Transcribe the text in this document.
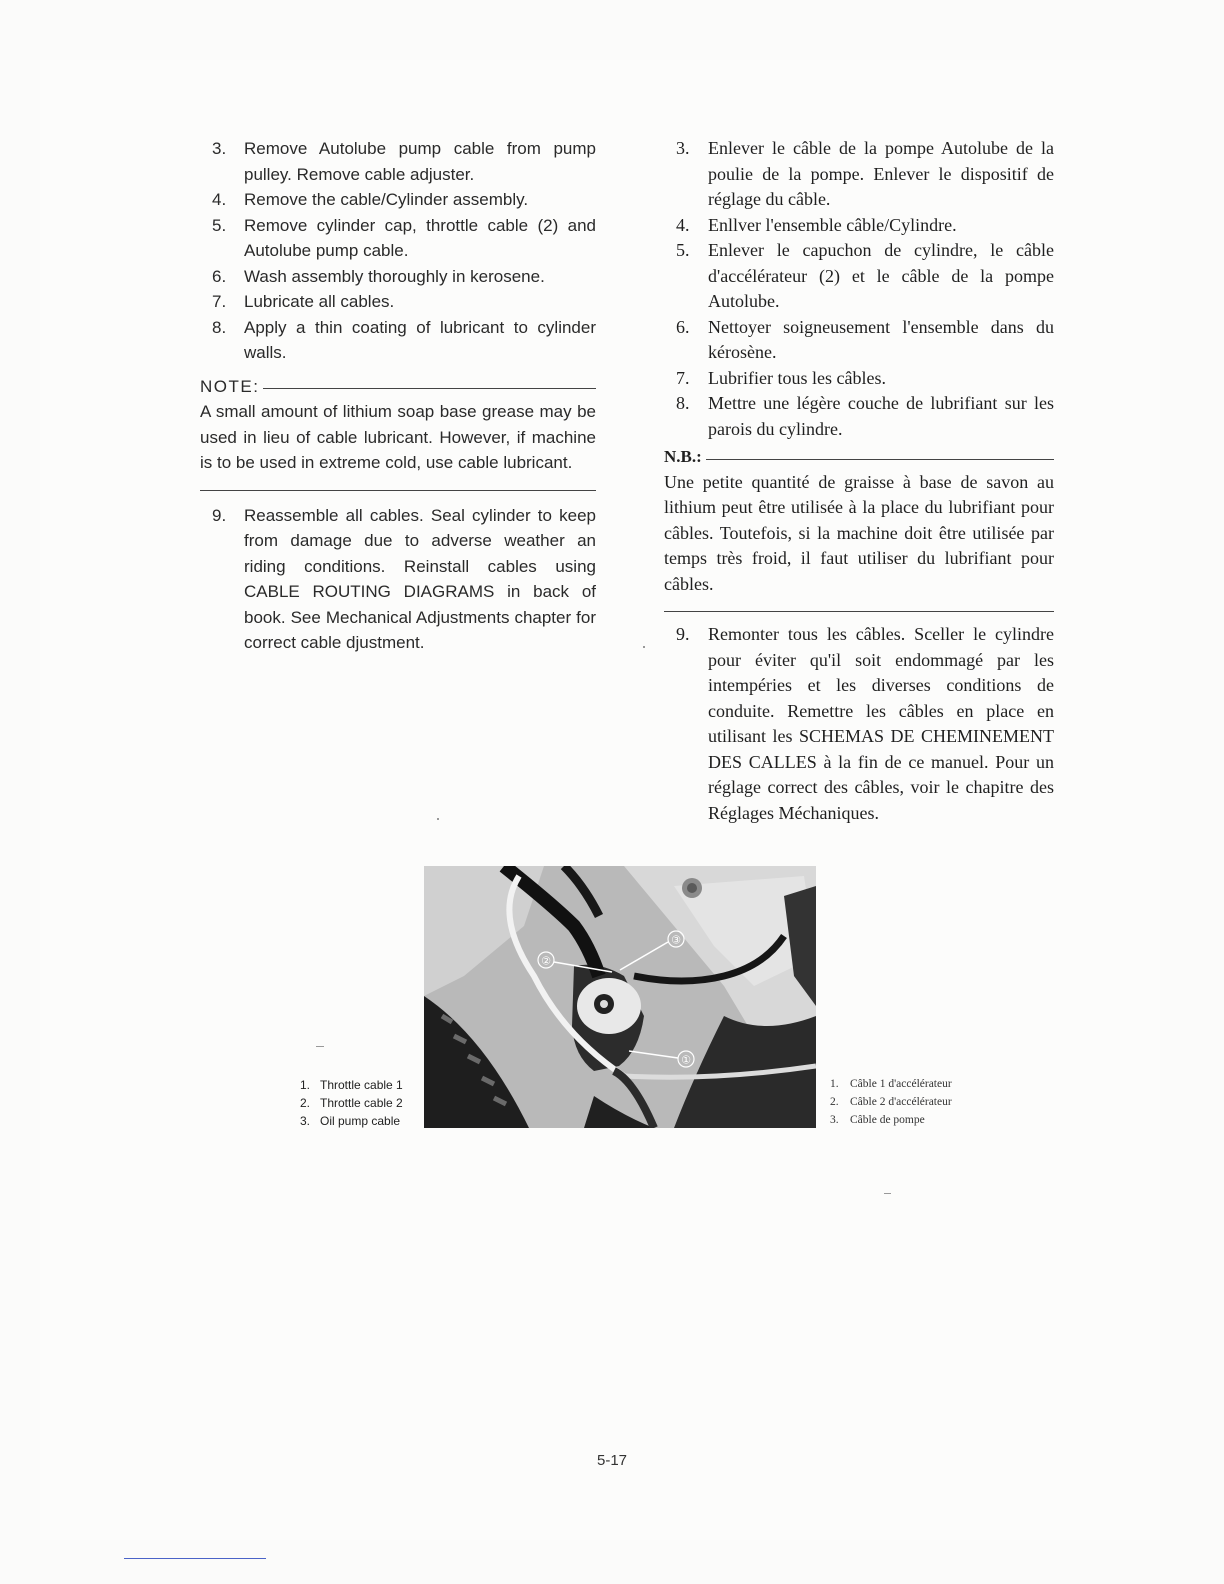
3. Remove Autolube pump cable from pump pulley. Remove cable adjuster.
4. Remove the cable/Cylinder assembly.
5. Remove cylinder cap, throttle cable (2) and Autolube pump cable.
6. Wash assembly thoroughly in kerosene.
7. Lubricate all cables.
8. Apply a thin coating of lubricant to cylinder walls.
NOTE:
A small amount of lithium soap base grease may be used in lieu of cable lubricant. However, if machine is to be used in extreme cold, use cable lubricant.
9. Reassemble all cables. Seal cylinder to keep from damage due to adverse weather an riding conditions. Reinstall cables using CABLE ROUTING DIAGRAMS in back of book. See Mechanical Adjustments chapter for correct cable djustment.
3. Enlever le câble de la pompe Autolube de la poulie de la pompe. Enlever le dispositif de réglage du câble.
4. Enllver l'ensemble câble/Cylindre.
5. Enlever le capuchon de cylindre, le câble d'accélérateur (2) et le câble de la pompe Autolube.
6. Nettoyer soigneusement l'ensemble dans du kérosène.
7. Lubrifier tous les câbles.
8. Mettre une légère couche de lubrifiant sur les parois du cylindre.
N.B.:
Une petite quantité de graisse à base de savon au lithium peut être utilisée à la place du lubrifiant pour câbles. Toutefois, si la machine doit être utilisée par temps très froid, il faut utiliser du lubrifiant pour câbles.
9. Remonter tous les câbles. Sceller le cylindre pour éviter qu'il soit endommagé par les intempéries et les diverses conditions de conduite. Remettre les câbles en place en utilisant les SCHEMAS DE CHEMINEMENT DES CALLES à la fin de ce manuel. Pour un réglage correct des câbles, voir le chapitre des Réglages Méchaniques.
①
②
③
1. Throttle cable 1
2. Throttle cable 2
3. Oil pump cable
1. Câble 1 d'accélérateur
2. Câble 2 d'accélérateur
3. Câble de pompe
5-17
